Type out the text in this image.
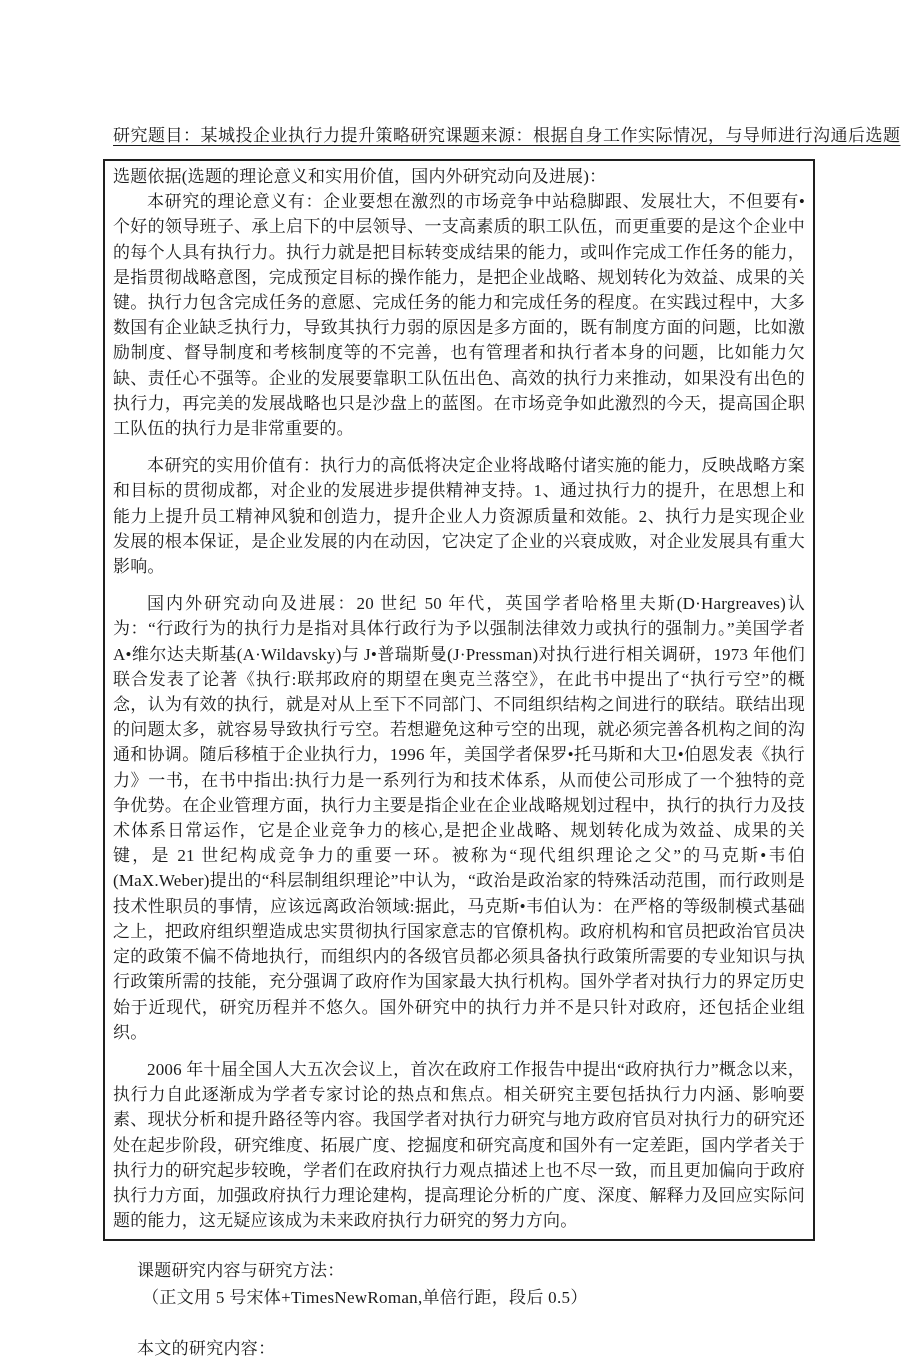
研究题目：某城投企业执行力提升策略研究课题来源：根据自身工作实际情况，与导师进行沟通后选题

选题依据(选题的理论意义和实用价值，国内外研究动向及进展)：

本研究的理论意义有：企业要想在激烈的市场竞争中站稳脚跟、发展壮大，不但要有•个好的领导班子、承上启下的中层领导、一支高素质的职工队伍，而更重要的是这个企业中的每个人具有执行力。执行力就是把目标转变成结果的能力，或叫作完成工作任务的能力，是指贯彻战略意图，完成预定目标的操作能力，是把企业战略、规划转化为效益、成果的关键。执行力包含完成任务的意愿、完成任务的能力和完成任务的程度。在实践过程中，大多数国有企业缺乏执行力，导致其执行力弱的原因是多方面的，既有制度方面的问题，比如激励制度、督导制度和考核制度等的不完善，也有管理者和执行者本身的问题，比如能力欠缺、责任心不强等。企业的发展要靠职工队伍出色、高效的执行力来推动，如果没有出色的执行力，再完美的发展战略也只是沙盘上的蓝图。在市场竞争如此激烈的今天，提高国企职工队伍的执行力是非常重要的。

本研究的实用价值有：执行力的高低将决定企业将战略付诸实施的能力，反映战略方案和目标的贯彻成都，对企业的发展进步提供精神支持。1、通过执行力的提升，在思想上和能力上提升员工精神风貌和创造力，提升企业人力资源质量和效能。2、执行力是实现企业发展的根本保证，是企业发展的内在动因，它决定了企业的兴衰成败，对企业发展具有重大影响。

国内外研究动向及进展：20 世纪 50 年代，英国学者哈格里夫斯(D·Hargreaves)认为：“行政行为的执行力是指对具体行政行为予以强制法律效力或执行的强制力。”美国学者 A•维尔达夫斯基(A·Wildavsky)与 J•普瑞斯曼(J·Pressman)对执行进行相关调研，1973 年他们联合发表了论著《执行:联邦政府的期望在奥克兰落空》，在此书中提出了“执行亏空”的概念，认为有效的执行，就是对从上至下不同部门、不同组织结构之间进行的联结。联结出现的问题太多，就容易导致执行亏空。若想避免这种亏空的出现，就必须完善各机构之间的沟通和协调。随后移植于企业执行力，1996 年，美国学者保罗•托马斯和大卫•伯恩发表《执行力》一书，在书中指出:执行力是一系列行为和技术体系，从而使公司形成了一个独特的竞争优势。在企业管理方面，执行力主要是指企业在企业战略规划过程中，执行的执行力及技术体系日常运作，它是企业竞争力的核心,是把企业战略、规划转化成为效益、成果的关键，是 21 世纪构成竞争力的重要一环。被称为“现代组织理论之父”的马克斯•韦伯(MaX.Weber)提出的“科层制组织理论”中认为，“政治是政治家的特殊活动范围，而行政则是技术性职员的事情，应该远离政治领域:据此，马克斯•韦伯认为：在严格的等级制模式基础之上，把政府组织塑造成忠实贯彻执行国家意志的官僚机构。政府机构和官员把政治官员决定的政策不偏不倚地执行，而组织内的各级官员都必须具备执行政策所需要的专业知识与执行政策所需的技能，充分强调了政府作为国家最大执行机构。国外学者对执行力的界定历史始于近现代，研究历程并不悠久。国外研究中的执行力并不是只针对政府，还包括企业组织。

2006 年十届全国人大五次会议上，首次在政府工作报告中提出“政府执行力”概念以来，执行力自此逐渐成为学者专家讨论的热点和焦点。相关研究主要包括执行力内涵、影响要素、现状分析和提升路径等内容。我国学者对执行力研究与地方政府官员对执行力的研究还处在起步阶段，研究维度、拓展广度、挖掘度和研究高度和国外有一定差距，国内学者关于执行力的研究起步较晚，学者们在政府执行力观点描述上也不尽一致，而且更加偏向于政府执行力方面，加强政府执行力理论建构，提高理论分析的广度、深度、解释力及回应实际问题的能力，这无疑应该成为未来政府执行力研究的努力方向。

课题研究内容与研究方法：

（正文用 5 号宋体+TimesNewRoman,单倍行距，段后 0.5）

本文的研究内容：
